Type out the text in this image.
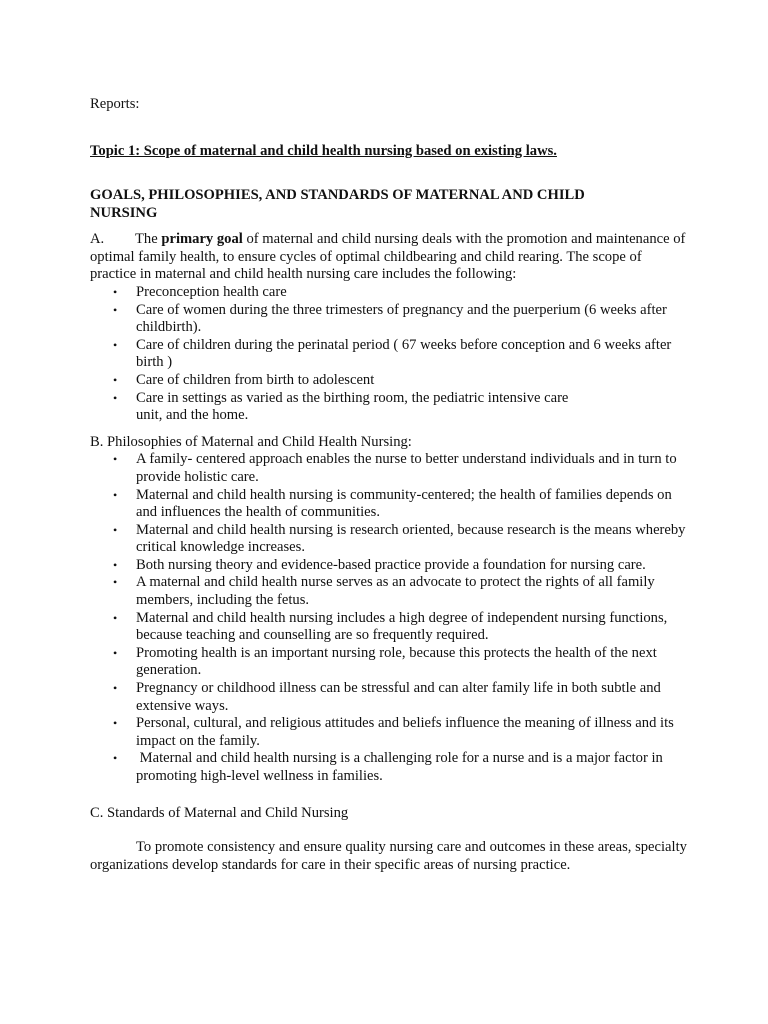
Reports:

Topic 1: Scope of maternal and child health nursing based on existing laws.

GOALS, PHILOSOPHIES, AND STANDARDS OF MATERNAL AND CHILD NURSING

A. The primary goal of maternal and child nursing deals with the promotion and maintenance of optimal family health, to ensure cycles of optimal childbearing and child rearing. The scope of practice in maternal and child health nursing care includes the following:

• Preconception health care
• Care of women during the three trimesters of pregnancy and the puerperium (6 weeks after childbirth).
• Care of children during the perinatal period ( 67 weeks before conception and 6 weeks after birth )
• Care of children from birth to adolescent
• Care in settings as varied as the birthing room, the pediatric intensive care unit, and the home.

B. Philosophies of Maternal and Child Health Nursing:

• A family- centered approach enables the nurse to better understand individuals and in turn to provide holistic care.
• Maternal and child health nursing is community-centered; the health of families depends on and influences the health of communities.
• Maternal and child health nursing is research oriented, because research is the means whereby critical knowledge increases.
• Both nursing theory and evidence-based practice provide a foundation for nursing care.
• A maternal and child health nurse serves as an advocate to protect the rights of all family members, including the fetus.
• Maternal and child health nursing includes a high degree of independent nursing functions, because teaching and counselling are so frequently required.
• Promoting health is an important nursing role, because this protects the health of the next generation.
• Pregnancy or childhood illness can be stressful and can alter family life in both subtle and extensive ways.
• Personal, cultural, and religious attitudes and beliefs influence the meaning of illness and its impact on the family.
• Maternal and child health nursing is a challenging role for a nurse and is a major factor in promoting high-level wellness in families.

C. Standards of Maternal and Child Nursing

To promote consistency and ensure quality nursing care and outcomes in these areas, specialty organizations develop standards for care in their specific areas of nursing practice.
